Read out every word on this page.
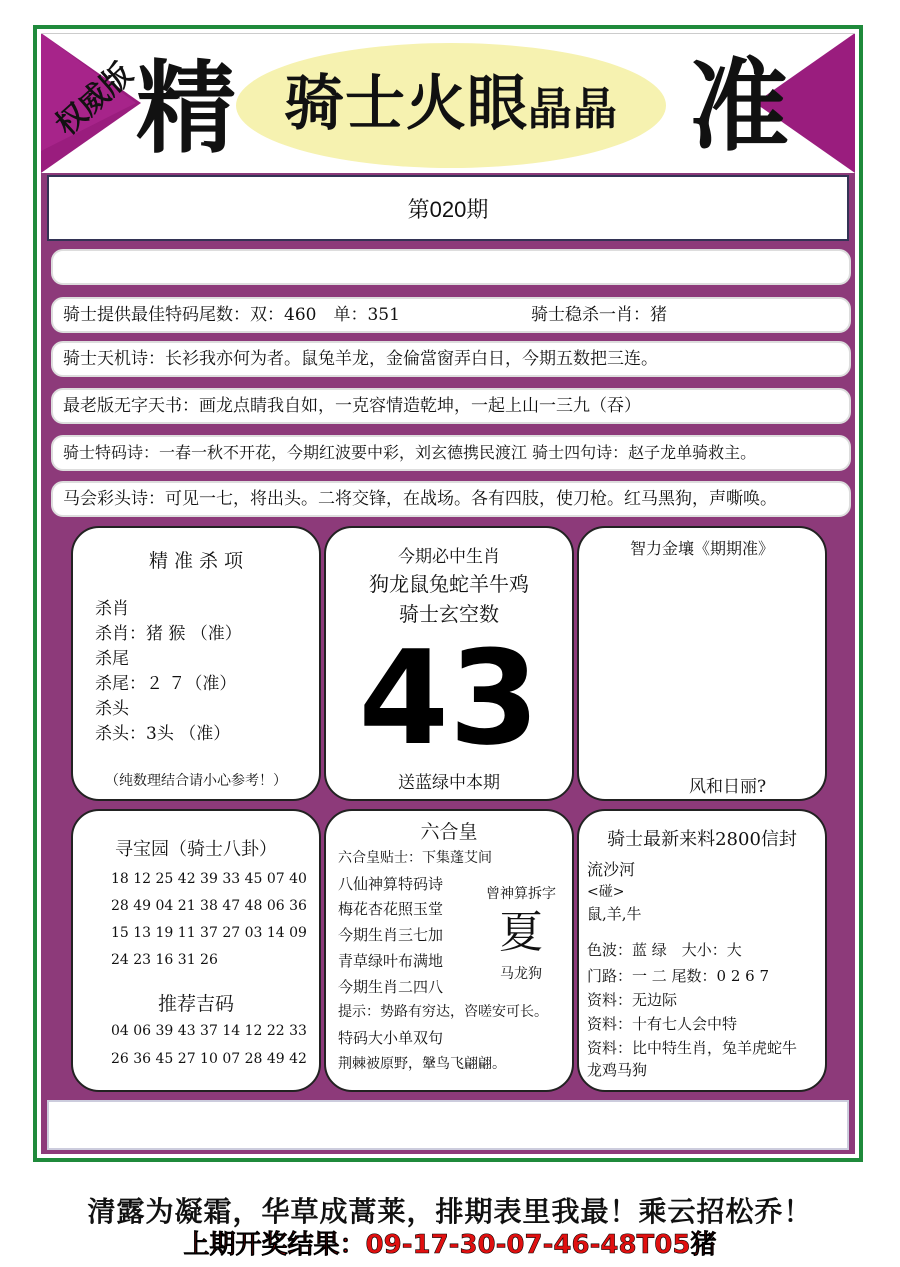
权威版
精 骑士火眼晶晶 准
第020期
骑士提供最佳特码尾数：双：460　单：351	骑士稳杀一肖：猪
骑士天机诗：长衫我亦何为者。鼠兔羊龙，金倫當窗弄白日，今期五数把三连。
最老版无字天书：画龙点睛我自如，一克容情造乾坤，一起上山一三九（吞）
骑士特码诗：一春一秋不开花，今期红波要中彩，刘玄德携民渡江 骑士四句诗：赵子龙单骑救主。
马会彩头诗：可见一七，将出头。二将交锋，在战场。各有四肢，使刀枪。红马黑狗，声嘶唤。
精 准 杀 项
杀肖
杀肖：猪 猴 （准）
杀尾
杀尾：２ ７（准）
杀头
杀头：3头 （准）
（纯数理结合请小心参考！）
今期必中生肖
狗龙鼠兔蛇羊牛鸡
骑士玄空数
43
送蓝绿中本期
智力金壤《期期准》
风和日丽?
寻宝园（骑士八卦）
18 12 25 42 39 33 45 07 40
28 49 04 21 38 47 48 06 36
15 13 19 11 37 27 03 14 09
24 23 16 31 26
推荐吉码
04 06 39 43 37 14 12 22 33
26 36 45 27 10 07 28 49 42
六合皇
六合皇贴士：下集蓬艾间
八仙神算特码诗
梅花杏花照玉堂
今期生肖三七加
青草绿叶布满地
今期生肖二四八
提示：势路有穷达，咨嗟安可长。
特码大小单双句
荆棘被原野，鞶鸟飞翩翩。
曾神算拆字
夏
马龙狗
骑士最新来料2800信封
流沙河
<碰>
鼠,羊,牛
色波：蓝 绿　大小：大
门路：一 二 尾数：0 2 6 7
资料：无边际
资料：十有七人会中特
资料：比中特生肖，兔羊虎蛇牛
龙鸡马狗
清露为凝霜，华草成蒿莱，排期表里我最！乘云招松乔！
上期开奖结果：09-17-30-07-46-48T05猪
